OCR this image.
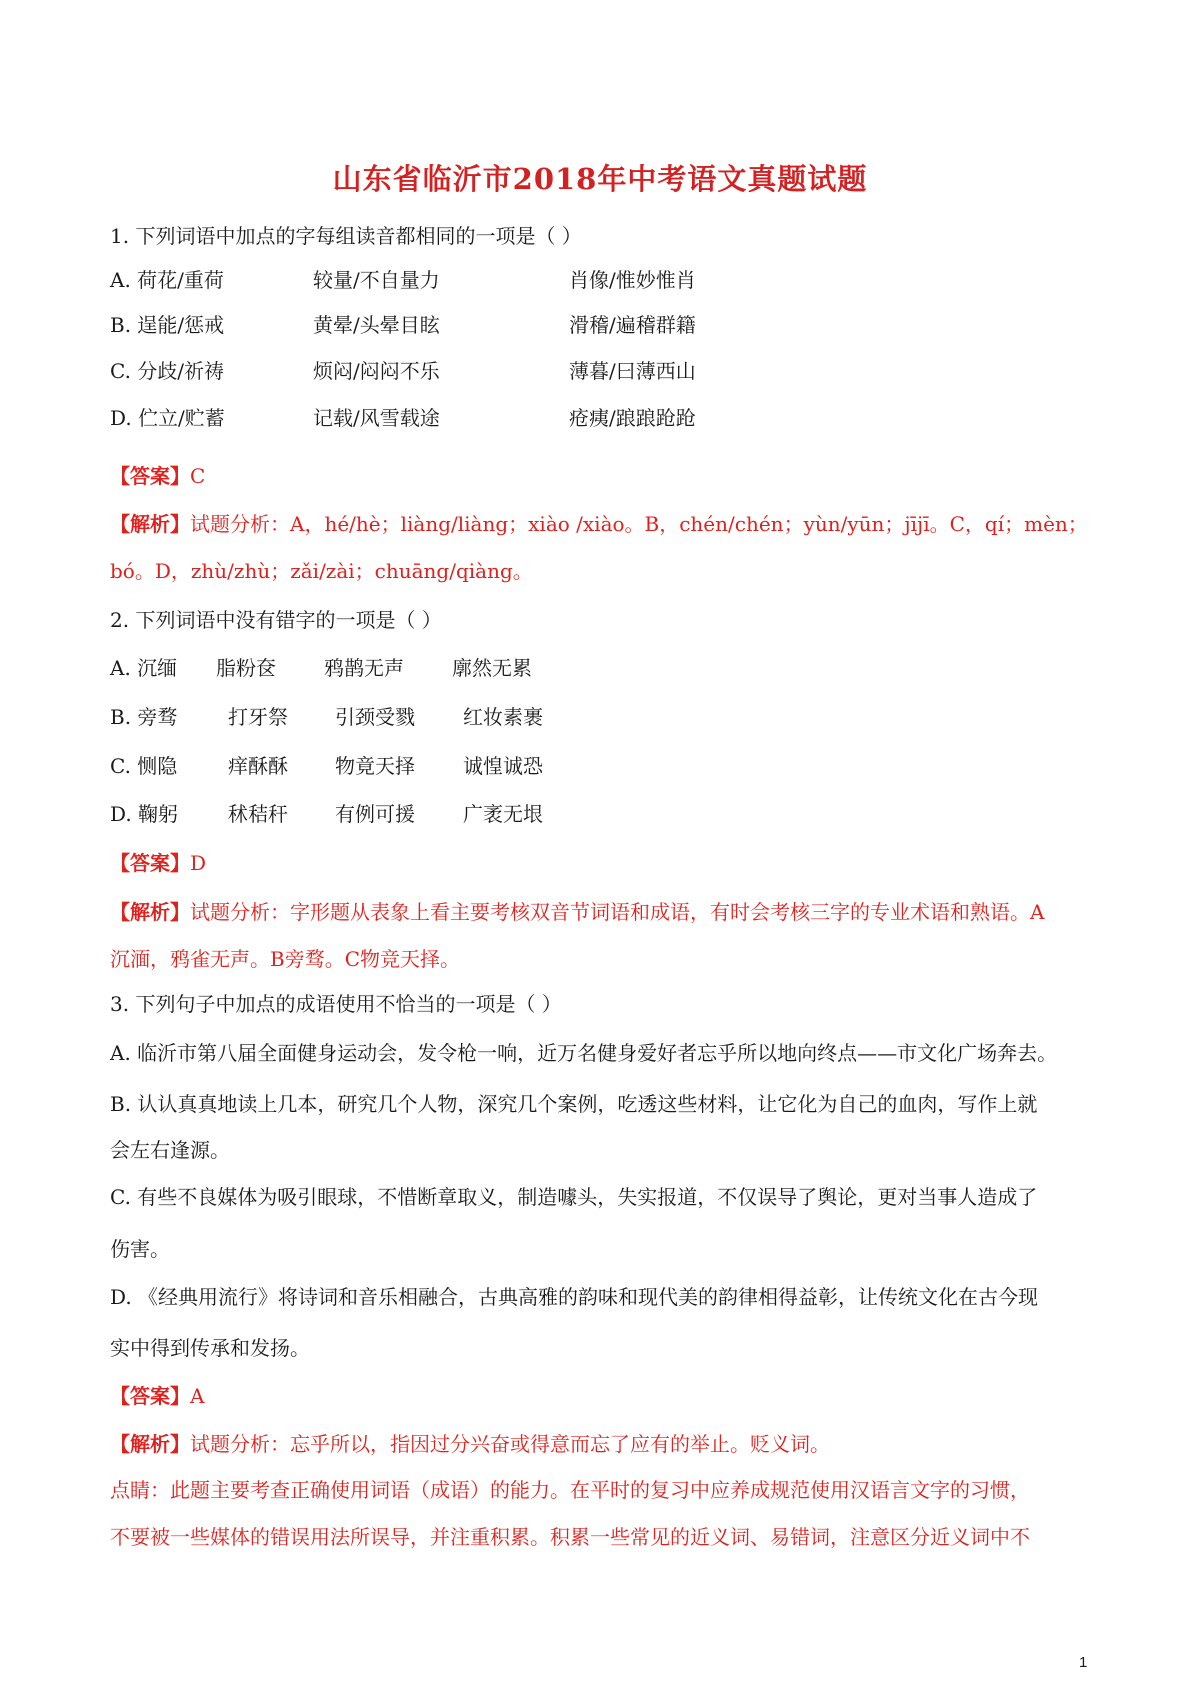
山东省临沂市2018年中考语文真题试题
1. 下列词语中加点的字每组读音都相同的一项是（ ）
A. 荷花/重荷	较量/不自量力	肖像/惟妙惟肖
B. 逞能/惩戒	黄晕/头晕目眩	滑稽/遍稽群籍
C. 分歧/祈祷	烦闷/闷闷不乐	薄暮/曰薄西山
D. 伫立/贮蓄	记载/风雪载途	疮痍/踉踉跄跄
【答案】C
【解析】试题分析：A，hé/hè；liàng/liàng；xiào /xiào。B，chén/chén；yùn/yūn；jījī。C，qí；mèn；
bó。D，zhù/zhù；zǎi/zài；chuāng/qiàng。
2. 下列词语中没有错字的一项是（ ）
A. 沉缅 脂粉奁 鸦鹊无声 廓然无累
B. 旁骛	打牙祭 引颈受戮 红妆素裹
C. 恻隐	痒酥酥 物竟天择 诚惶诚恐
D. 鞠躬 秫秸秆 有例可援 广袤无垠
【答案】D
【解析】试题分析：字形题从表象上看主要考核双音节词语和成语，有时会考核三字的专业术语和熟语。A
沉湎，鸦雀无声。B旁骛。C物竞天择。
3. 下列句子中加点的成语使用不恰当的一项是（ ）
A. 临沂市第八届全面健身运动会，发令枪一响，近万名健身爱好者忘乎所以地向终点——市文化广场奔去。
B. 认认真真地读上几本，研究几个人物，深究几个案例，吃透这些材料，让它化为自己的血肉，写作上就
会左右逢源。
C. 有些不良媒体为吸引眼球，不惜断章取义，制造噱头，失实报道，不仅误导了舆论，更对当事人造成了
伤害。
D. 《经典用流行》将诗词和音乐相融合，古典高雅的韵味和现代美的韵律相得益彰，让传统文化在古今现
实中得到传承和发扬。
【答案】A
【解析】试题分析：忘乎所以，指因过分兴奋或得意而忘了应有的举止。贬义词。
点睛：此题主要考查正确使用词语（成语）的能力。在平时的复习中应养成规范使用汉语言文字的习惯，
不要被一些媒体的错误用法所误导，并注重积累。积累一些常见的近义词、易错词，注意区分近义词中不
1
